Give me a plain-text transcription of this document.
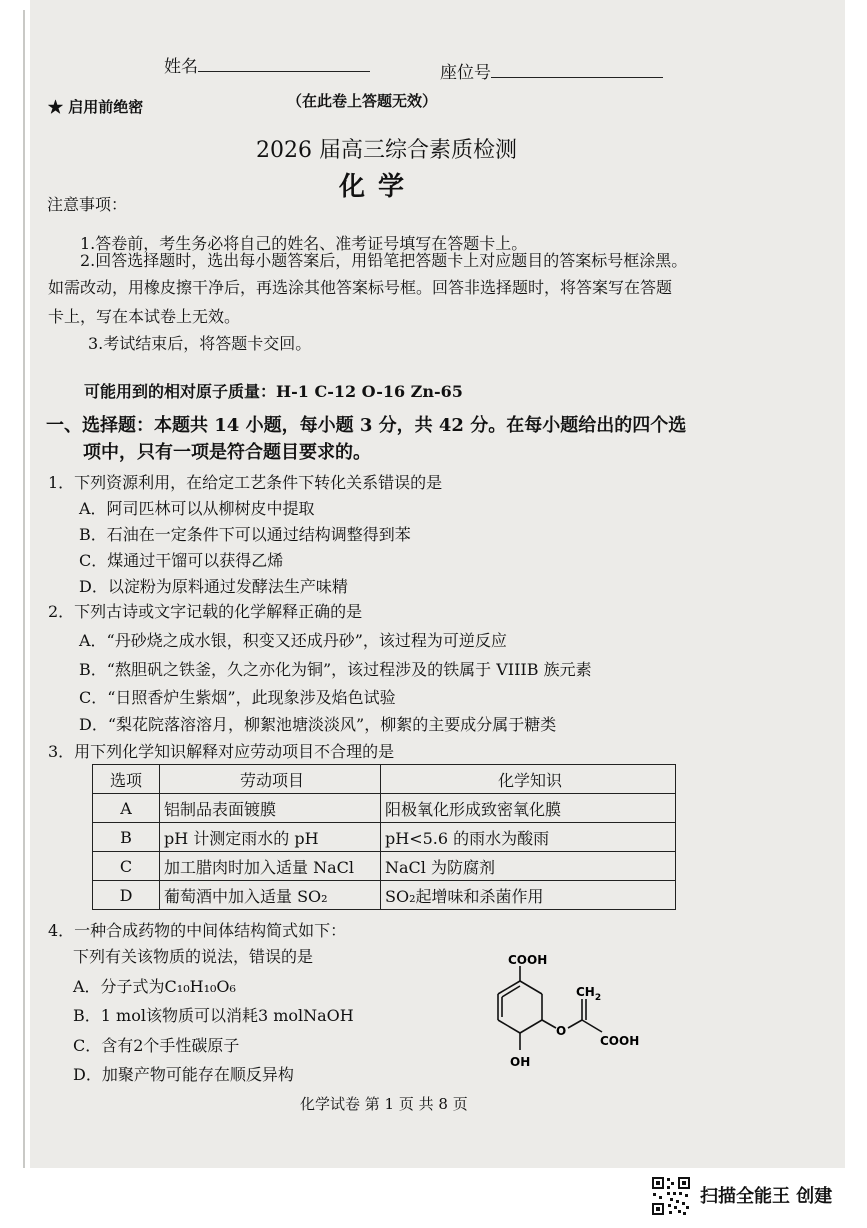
姓名	座位号
（在此卷上答题无效）
★ 启用前绝密
2026 届高三综合素质检测
化 学
注意事项：
1.答卷前，考生务必将自己的姓名、准考证号填写在答题卡上。
2.回答选择题时，选出每小题答案后，用铅笔把答题卡上对应题目的答案标号框涂黑。
如需改动，用橡皮擦干净后，再选涂其他答案标号框。回答非选择题时，将答案写在答题
卡上，写在本试卷上无效。
3.考试结束后，将答题卡交回。
可能用到的相对原子质量：H-1 C-12 O-16 Zn-65
一、选择题：本题共 14 小题，每小题 3 分，共 42 分。在每小题给出的四个选
项中，只有一项是符合题目要求的。
1．下列资源利用，在给定工艺条件下转化关系错误的是
A．阿司匹林可以从柳树皮中提取
B．石油在一定条件下可以通过结构调整得到苯
C．煤通过干馏可以获得乙烯
D．以淀粉为原料通过发酵法生产味精
2．下列古诗或文字记载的化学解释正确的是
A．“丹砂烧之成水银，积变又还成丹砂”，该过程为可逆反应
B．“熬胆矾之铁釜，久之亦化为铜”，该过程涉及的铁属于 VIIIB 族元素
C．“日照香炉生紫烟”，此现象涉及焰色试验
D．“梨花院落溶溶月，柳絮池塘淡淡风”，柳絮的主要成分属于糖类
3．用下列化学知识解释对应劳动项目不合理的是
选项	劳动项目	化学知识
A	铝制品表面镀膜	阳极氧化形成致密氧化膜
B	pH 计测定雨水的 pH	pH<5.6 的雨水为酸雨
C	加工腊肉时加入适量 NaCl	NaCl 为防腐剂
D	葡萄酒中加入适量 SO₂	SO₂起增味和杀菌作用
4．一种合成药物的中间体结构简式如下：
下列有关该物质的说法，错误的是
A．分子式为C₁₀H₁₀O₆
B．1 mol该物质可以消耗3 molNaOH
C．含有2个手性碳原子
D．加聚产物可能存在顺反异构
COOH
$CH_2$
O
COOH
OH
化学试卷 第 1 页 共 8 页
扫描全能王 创建
